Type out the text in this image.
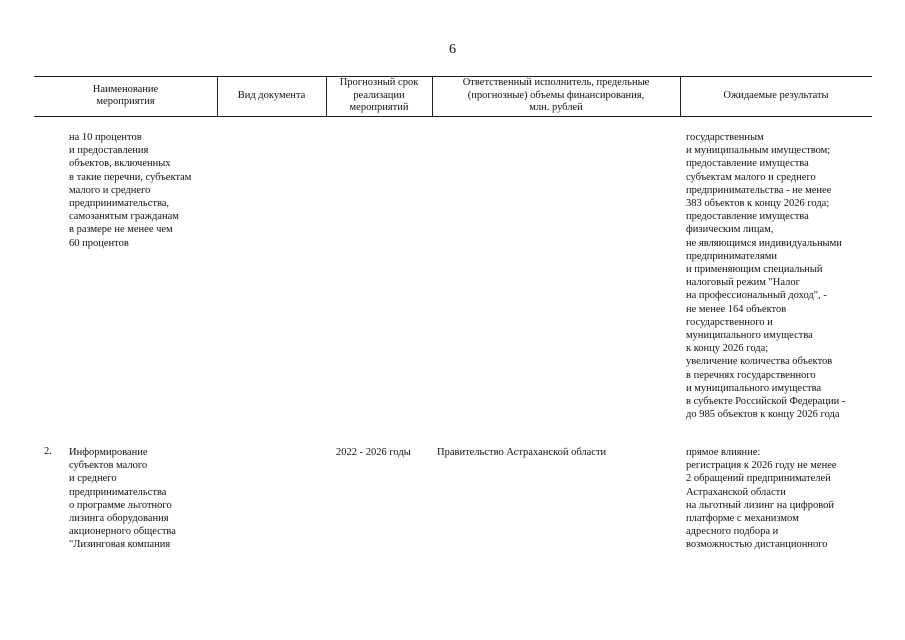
6
Наименование
мероприятия
Вид документа
Прогнозный срок
реализации
мероприятий
Ответственный исполнитель, предельные
(прогнозные) объемы финансирования,
млн. рублей
Ожидаемые результаты
на 10 процентов
и предоставления
объектов, включенных
в такие перечни, субъектам
малого и среднего
предпринимательства,
самозанятым гражданам
в размере не менее чем
60 процентов
государственным
и муниципальным имуществом;
предоставление имущества
субъектам малого и среднего
предпринимательства - не менее
383 объектов к концу 2026 года;
предоставление имущества
физическим лицам,
не являющимся индивидуальными
предпринимателями
и применяющим специальный
налоговый режим "Налог
на профессиональный доход", -
не менее 164 объектов
государственного и
муниципального имущества
к концу 2026 года;
увеличение количества объектов
в перечнях государственного
и муниципального имущества
в субъекте Российской Федерации -
до 985 объектов к концу 2026 года
2. Информирование
субъектов малого
и среднего
предпринимательства
о программе льготного
лизинга оборудования
акционерного общества
"Лизинговая компания
2022 - 2026 годы Правительство Астраханской области	прямое влияние:
регистрация к 2026 году не менее
2 обращений предпринимателей
Астраханской области
на льготный лизинг на цифровой
платформе с механизмом
адресного подбора и
возможностью дистанционного
